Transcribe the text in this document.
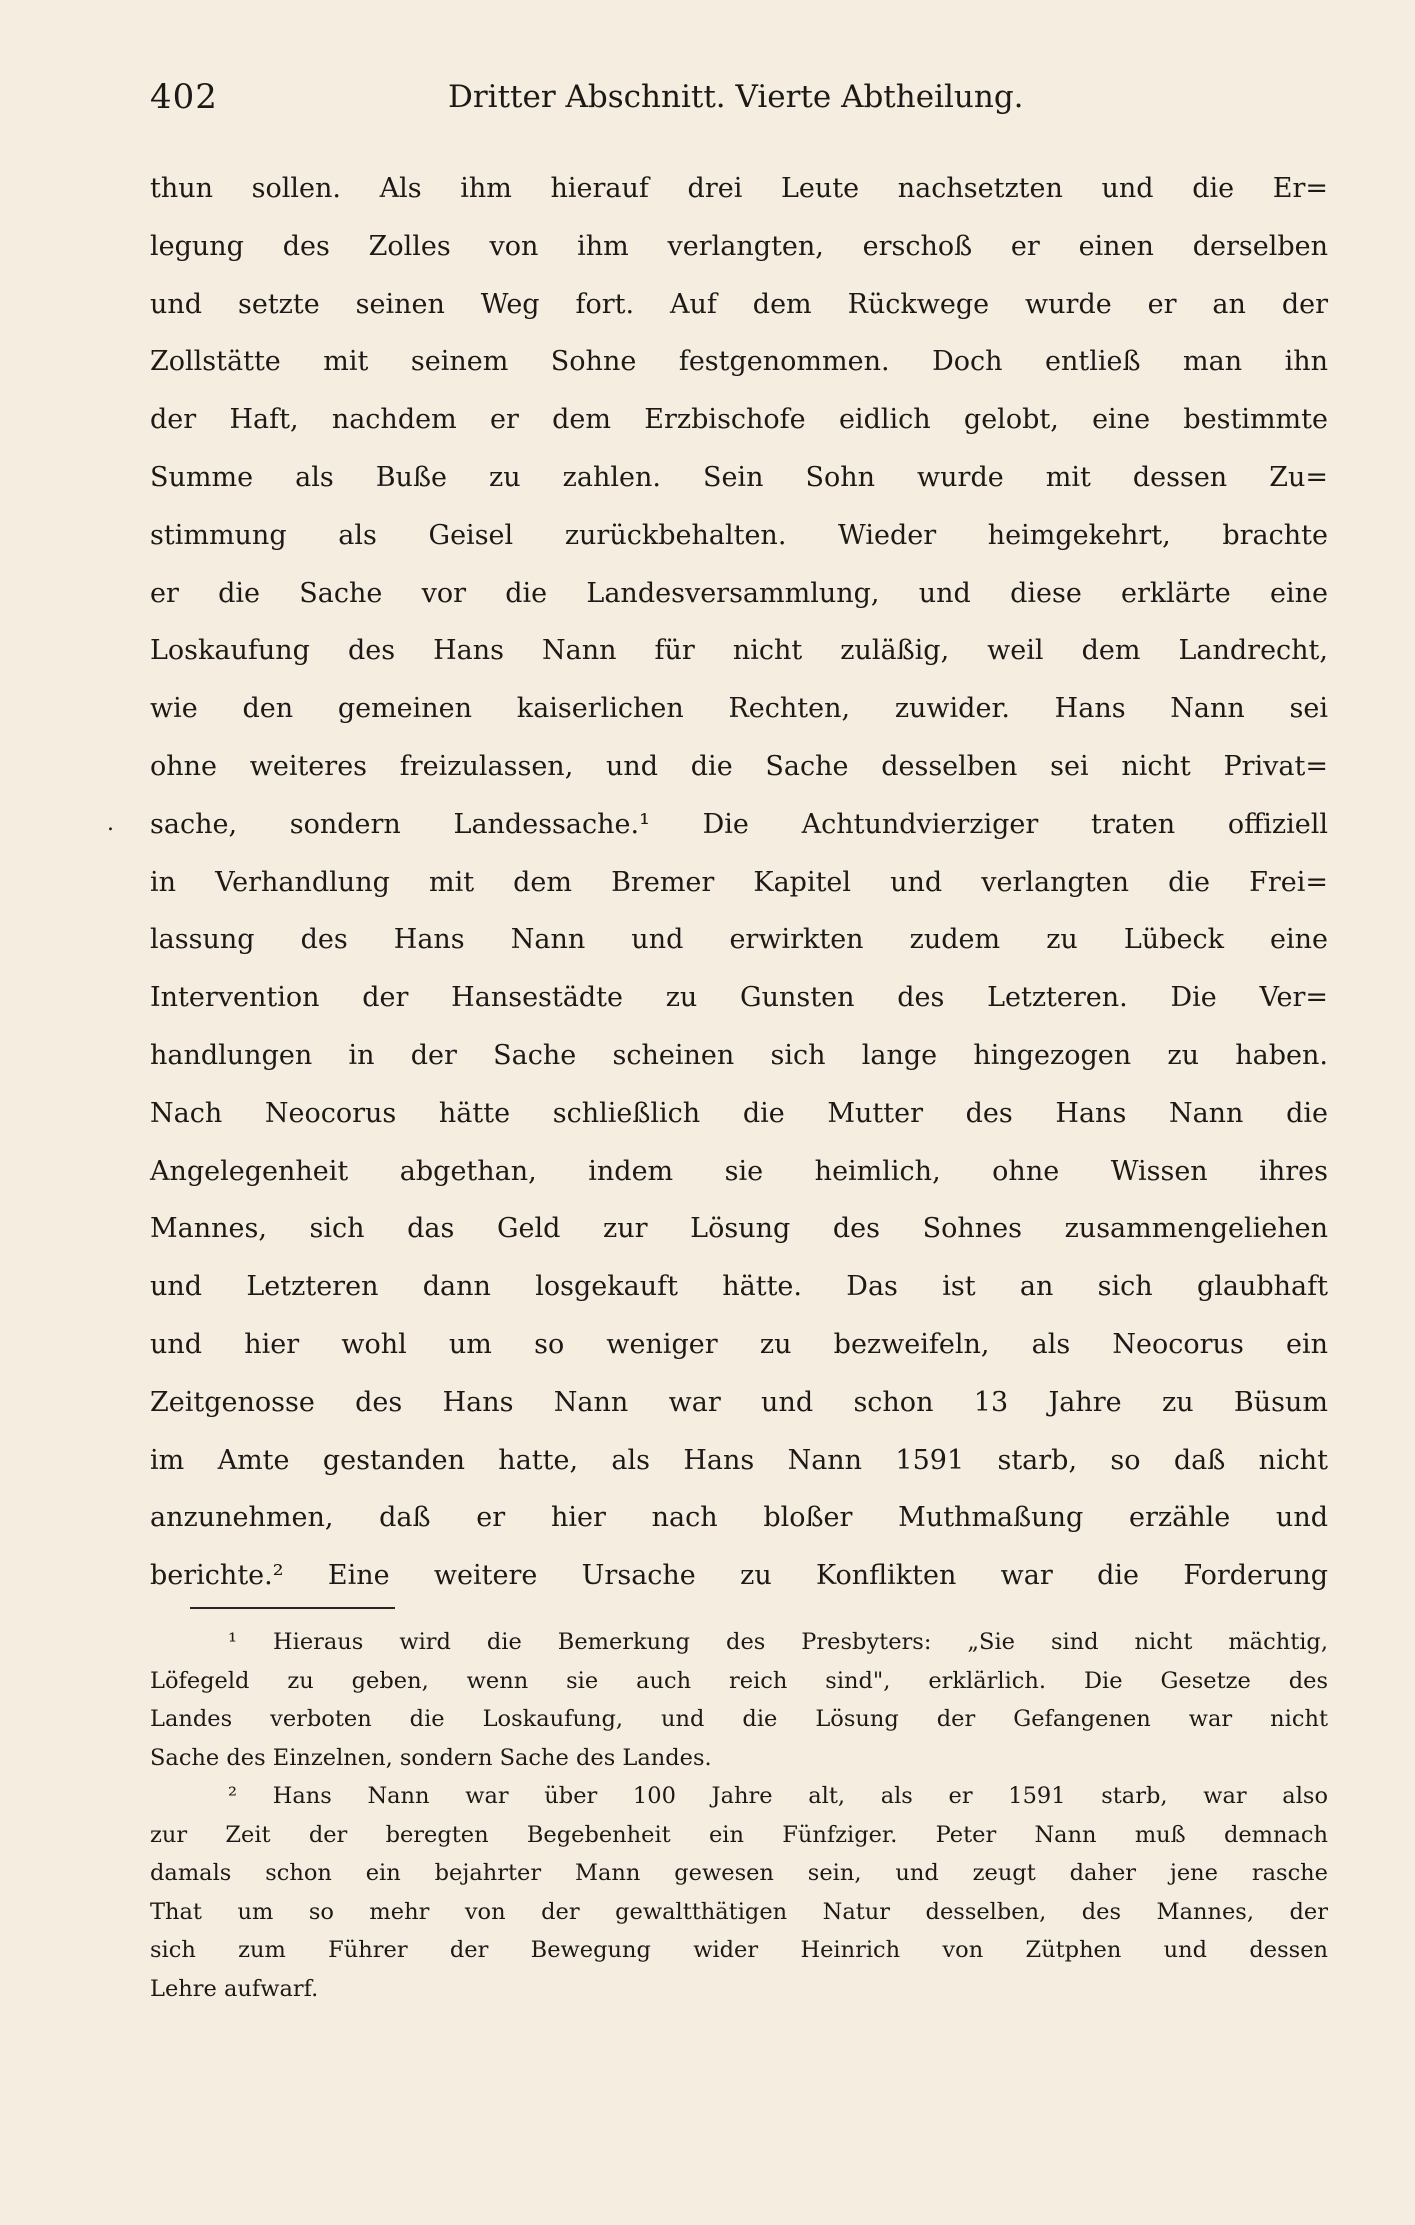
402	Dritter Abschnitt. Vierte Abtheilung.
.
thun sollen. Als ihm hierauf drei Leute nachsetzten und die Er=
legung des Zolles von ihm verlangten, erschoß er einen derselben
und setzte seinen Weg fort. Auf dem Rückwege wurde er an der
Zollstätte mit seinem Sohne festgenommen. Doch entließ man ihn
der Haft, nachdem er dem Erzbischofe eidlich gelobt, eine bestimmte
Summe als Buße zu zahlen. Sein Sohn wurde mit dessen Zu=
stimmung als Geisel zurückbehalten. Wieder heimgekehrt, brachte
er die Sache vor die Landesversammlung, und diese erklärte eine
Loskaufung des Hans Nann für nicht zuläßig, weil dem Landrecht,
wie den gemeinen kaiserlichen Rechten, zuwider. Hans Nann sei
ohne weiteres freizulassen, und die Sache desselben sei nicht Privat=
sache, sondern Landessache.¹ Die Achtundvierziger traten offiziell
in Verhandlung mit dem Bremer Kapitel und verlangten die Frei=
lassung des Hans Nann und erwirkten zudem zu Lübeck eine
Intervention der Hansestädte zu Gunsten des Letzteren. Die Ver=
handlungen in der Sache scheinen sich lange hingezogen zu haben.
Nach Neocorus hätte schließlich die Mutter des Hans Nann die
Angelegenheit abgethan, indem sie heimlich, ohne Wissen ihres
Mannes, sich das Geld zur Lösung des Sohnes zusammengeliehen
und Letzteren dann losgekauft hätte. Das ist an sich glaubhaft
und hier wohl um so weniger zu bezweifeln, als Neocorus ein
Zeitgenosse des Hans Nann war und schon 13 Jahre zu Büsum
im Amte gestanden hatte, als Hans Nann 1591 starb, so daß nicht
anzunehmen, daß er hier nach bloßer Muthmaßung erzähle und
berichte.² Eine weitere Ursache zu Konflikten war die Forderung
¹ Hieraus wird die Bemerkung des Presbyters: „Sie sind nicht mächtig,
Löfegeld zu geben, wenn sie auch reich sind", erklärlich. Die Gesetze des
Landes verboten die Loskaufung, und die Lösung der Gefangenen war nicht
Sache des Einzelnen, sondern Sache des Landes.
² Hans Nann war über 100 Jahre alt, als er 1591 starb, war also
zur Zeit der beregten Begebenheit ein Fünfziger. Peter Nann muß demnach
damals schon ein bejahrter Mann gewesen sein, und zeugt daher jene rasche
That um so mehr von der gewaltthätigen Natur desselben, des Mannes, der
sich zum Führer der Bewegung wider Heinrich von Zütphen und dessen
Lehre aufwarf.
